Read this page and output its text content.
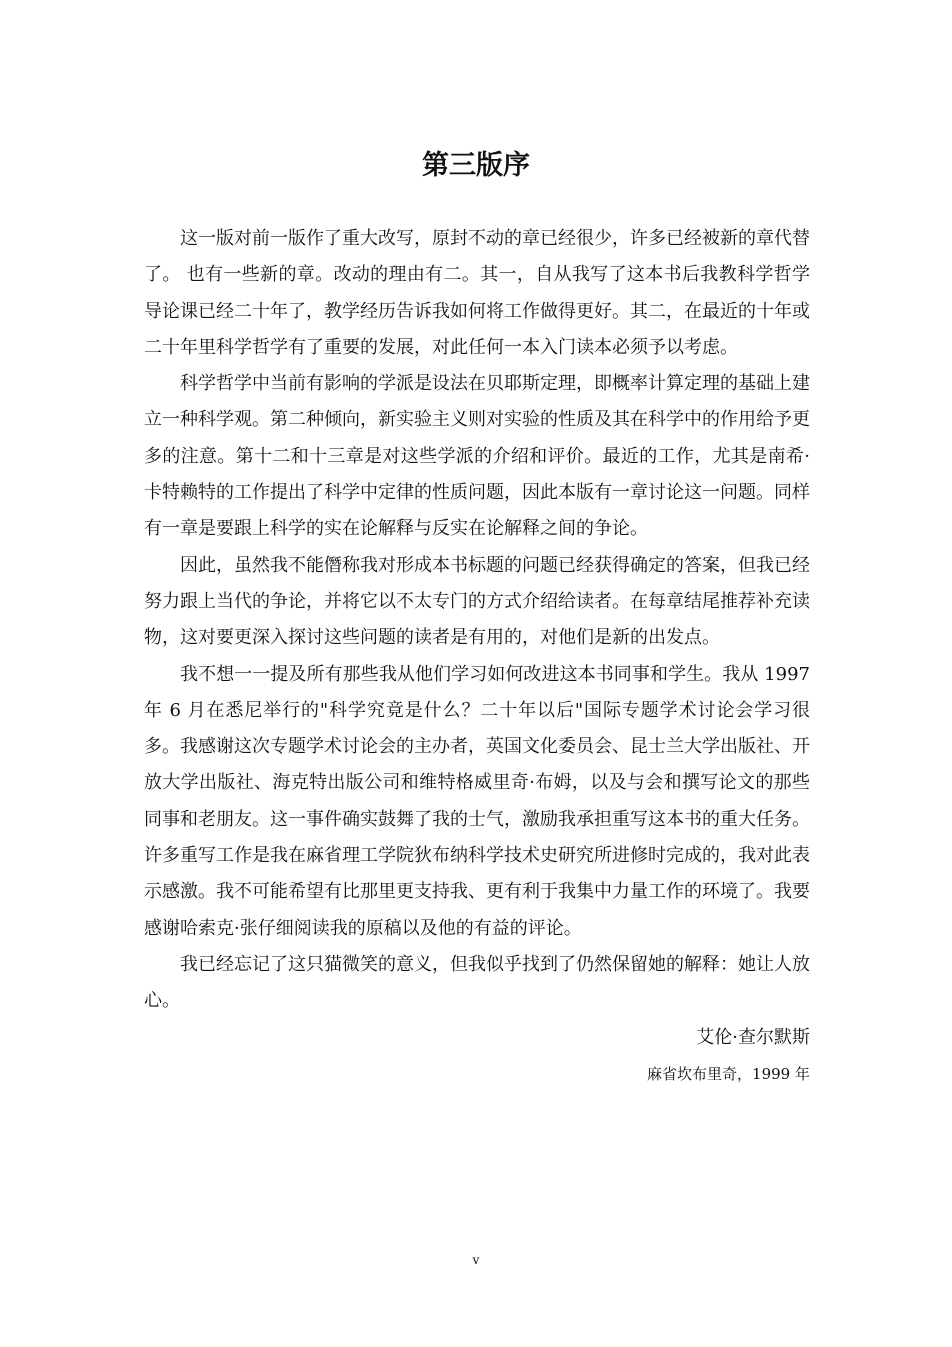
第三版序

这一版对前一版作了重大改写，原封不动的章已经很少，许多已经被新的章代替了。 也有一些新的章。改动的理由有二。其一，自从我写了这本书后我教科学哲学导论课已经二十年了，教学经历告诉我如何将工作做得更好。其二，在最近的十年或二十年里科学哲学有了重要的发展，对此任何一本入门读本必须予以考虑。

科学哲学中当前有影响的学派是设法在贝耶斯定理，即概率计算定理的基础上建立一种科学观。第二种倾向，新实验主义则对实验的性质及其在科学中的作用给予更多的注意。第十二和十三章是对这些学派的介绍和评价。最近的工作，尤其是南希·卡特赖特的工作提出了科学中定律的性质问题，因此本版有一章讨论这一问题。同样有一章是要跟上科学的实在论解释与反实在论解释之间的争论。

因此，虽然我不能僭称我对形成本书标题的问题已经获得确定的答案，但我已经努力跟上当代的争论，并将它以不太专门的方式介绍给读者。在每章结尾推荐补充读物，这对要更深入探讨这些问题的读者是有用的，对他们是新的出发点。

我不想一一提及所有那些我从他们学习如何改进这本书同事和学生。我从 1997 年 6 月在悉尼举行的"科学究竟是什么？二十年以后"国际专题学术讨论会学习很多。我感谢这次专题学术讨论会的主办者，英国文化委员会、昆士兰大学出版社、开放大学出版社、海克特出版公司和维特格威里奇·布姆，以及与会和撰写论文的那些同事和老朋友。这一事件确实鼓舞了我的士气，激励我承担重写这本书的重大任务。许多重写工作是我在麻省理工学院狄布纳科学技术史研究所进修时完成的，我对此表示感激。我不可能希望有比那里更支持我、更有利于我集中力量工作的环境了。我要感谢哈索克·张仔细阅读我的原稿以及他的有益的评论。

我已经忘记了这只猫微笑的意义，但我似乎找到了仍然保留她的解释：她让人放心。

艾伦·查尔默斯
麻省坎布里奇，1999 年
v
